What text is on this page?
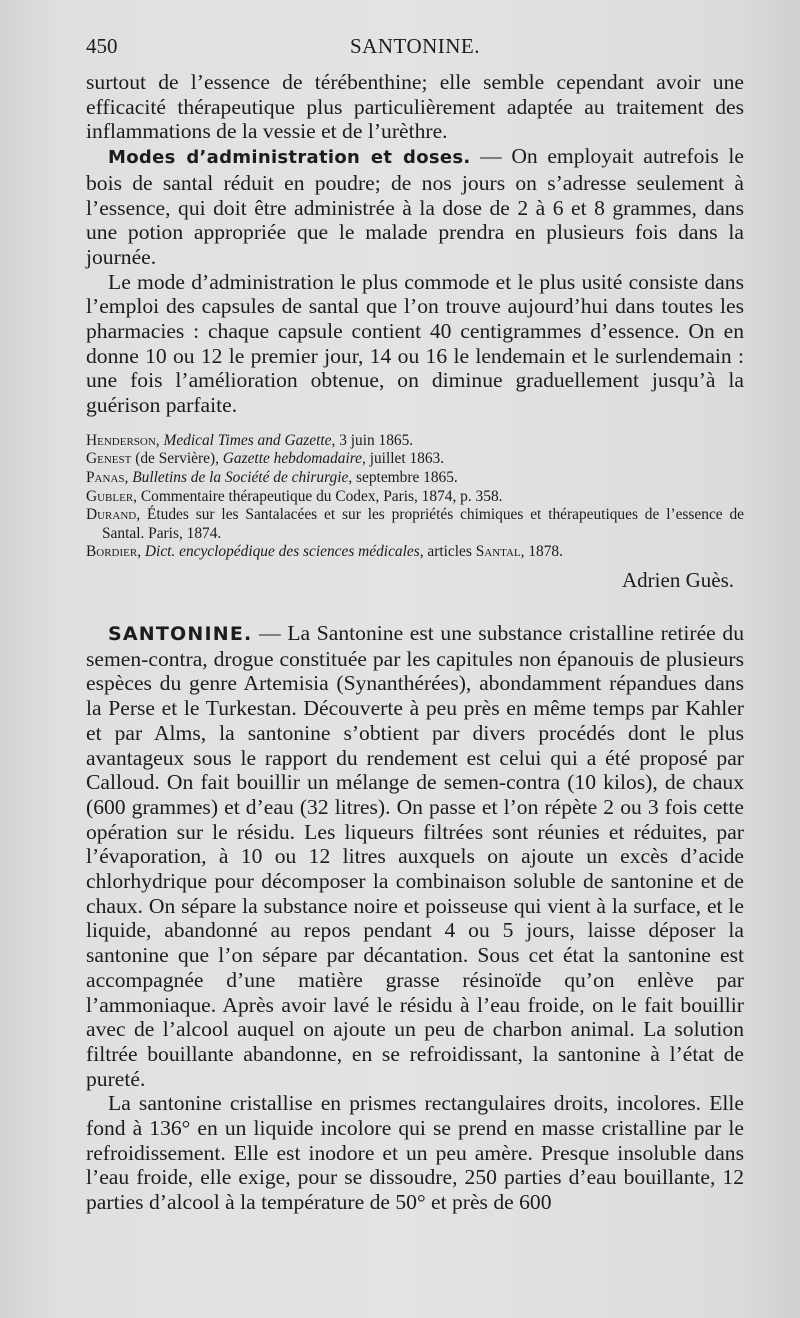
450	SANTONINE.

surtout de l’essence de térébenthine; elle semble cependant avoir une efficacité thérapeutique plus particulièrement adaptée au traitement des inflammations de la vessie et de l’urèthre.

Modes d’administration et doses. — On employait autrefois le bois de santal réduit en poudre; de nos jours on s’adresse seulement à l’essence, qui doit être administrée à la dose de 2 à 6 et 8 grammes, dans une potion appropriée que le malade prendra en plusieurs fois dans la journée.

Le mode d’administration le plus commode et le plus usité consiste dans l’emploi des capsules de santal que l’on trouve aujourd’hui dans toutes les pharmacies : chaque capsule contient 40 centigrammes d’essence. On en donne 10 ou 12 le premier jour, 14 ou 16 le lendemain et le surlendemain : une fois l’amélioration obtenue, on diminue graduellement jusqu’à la guérison parfaite.

Henderson, Medical Times and Gazette, 3 juin 1865.

Genest (de Servière), Gazette hebdomadaire, juillet 1863.

Panas, Bulletins de la Société de chirurgie, septembre 1865.

Gubler, Commentaire thérapeutique du Codex, Paris, 1874, p. 358.

Durand, Études sur les Santalacées et sur les propriétés chimiques et thérapeutiques de l’essence de Santal. Paris, 1874.

Bordier, Dict. encyclopédique des sciences médicales, articles Santal, 1878.

Adrien Guès.

SANTONINE. — La Santonine est une substance cristalline retirée du semen-contra, drogue constituée par les capitules non épanouis de plusieurs espèces du genre Artemisia (Synanthérées), abondamment répandues dans la Perse et le Turkestan. Découverte à peu près en même temps par Kahler et par Alms, la santonine s’obtient par divers procédés dont le plus avantageux sous le rapport du rendement est celui qui a été proposé par Calloud. On fait bouillir un mélange de semen-contra (10 kilos), de chaux (600 grammes) et d’eau (32 litres). On passe et l’on répète 2 ou 3 fois cette opération sur le résidu. Les liqueurs filtrées sont réunies et réduites, par l’évaporation, à 10 ou 12 litres auxquels on ajoute un excès d’acide chlorhydrique pour décomposer la combinaison soluble de santonine et de chaux. On sépare la substance noire et poisseuse qui vient à la surface, et le liquide, abandonné au repos pendant 4 ou 5 jours, laisse déposer la santonine que l’on sépare par décantation. Sous cet état la santonine est accompagnée d’une matière grasse résinoïde qu’on enlève par l’ammoniaque. Après avoir lavé le résidu à l’eau froide, on le fait bouillir avec de l’alcool auquel on ajoute un peu de charbon animal. La solution filtrée bouillante abandonne, en se refroidissant, la santonine à l’état de pureté.

La santonine cristallise en prismes rectangulaires droits, incolores. Elle fond à 136° en un liquide incolore qui se prend en masse cristalline par le refroidissement. Elle est inodore et un peu amère. Presque insoluble dans l’eau froide, elle exige, pour se dissoudre, 250 parties d’eau bouillante, 12 parties d’alcool à la température de 50° et près de 600
